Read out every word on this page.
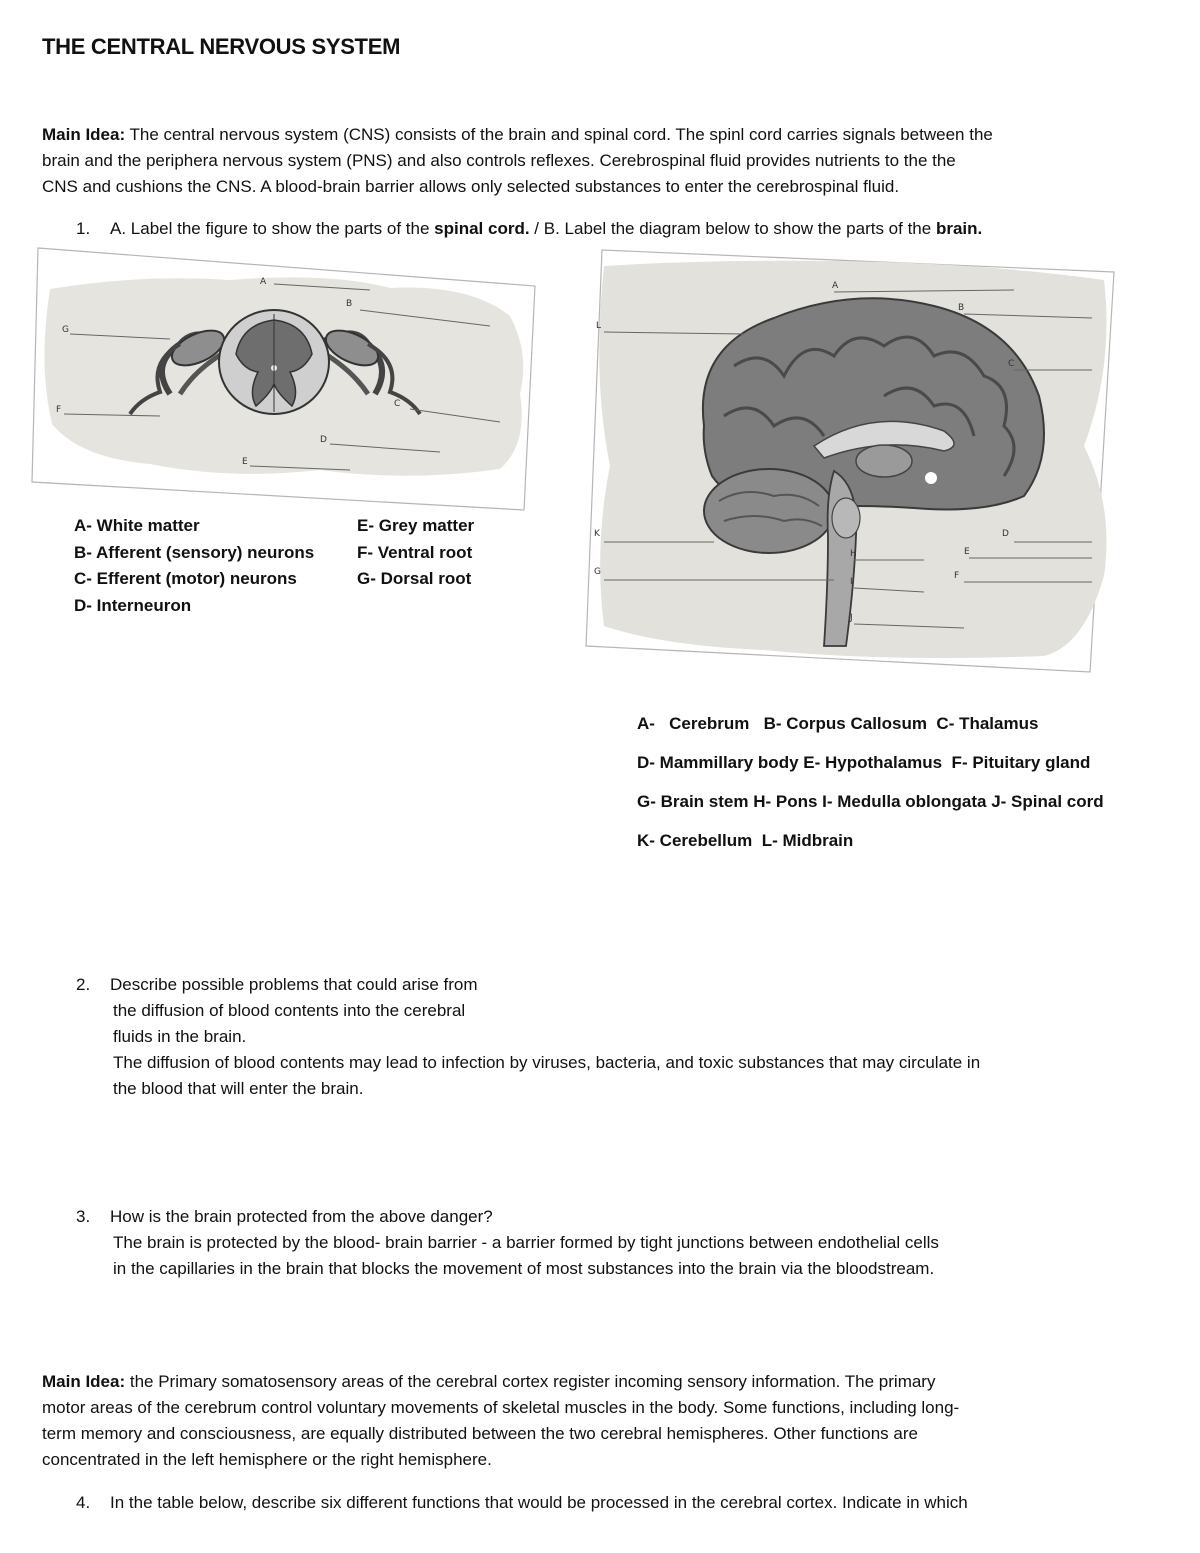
THE CENTRAL NERVOUS SYSTEM
Main Idea: The central nervous system (CNS) consists of the brain and spinal cord. The spinl cord carries signals between the
brain and the periphera nervous system (PNS) and also controls reflexes. Cerebrospinal fluid provides nutrients to the the
CNS and cushions the CNS. A blood-brain barrier allows only selected substances to enter the cerebrospinal fluid.
1. A. Label the figure to show the parts of the spinal cord. / B. Label the diagram below to show the parts of the brain.
A
B
C
D
E
F
G
A- White matter
B- Afferent (sensory) neurons
C- Efferent (motor) neurons
D- Interneuron
E- Grey matter
F- Ventral root
G- Dorsal root
A
B
C
D
E
F
G
H
I
J
K
L
A-   Cerebrum   B- Corpus Callosum  C- Thalamus
D- Mammillary body E- Hypothalamus  F- Pituitary gland
G- Brain stem H- Pons I- Medulla oblongata J- Spinal cord
K- Cerebellum  L- Midbrain
2. Describe possible problems that could arise from
the diffusion of blood contents into the cerebral
fluids in the brain.
The diffusion of blood contents may lead to infection by viruses, bacteria, and toxic substances that may circulate in
the blood that will enter the brain.
3. How is the brain protected from the above danger?
The brain is protected by the blood- brain barrier - a barrier formed by tight junctions between endothelial cells
in the capillaries in the brain that blocks the movement of most substances into the brain via the bloodstream.
Main Idea: the Primary somatosensory areas of the cerebral cortex register incoming sensory information. The primary
motor areas of the cerebrum control voluntary movements of skeletal muscles in the body. Some functions, including long-
term memory and consciousness, are equally distributed between the two cerebral hemispheres. Other functions are
concentrated in the left hemisphere or the right hemisphere.
4. In the table below, describe six different functions that would be processed in the cerebral cortex. Indicate in which
